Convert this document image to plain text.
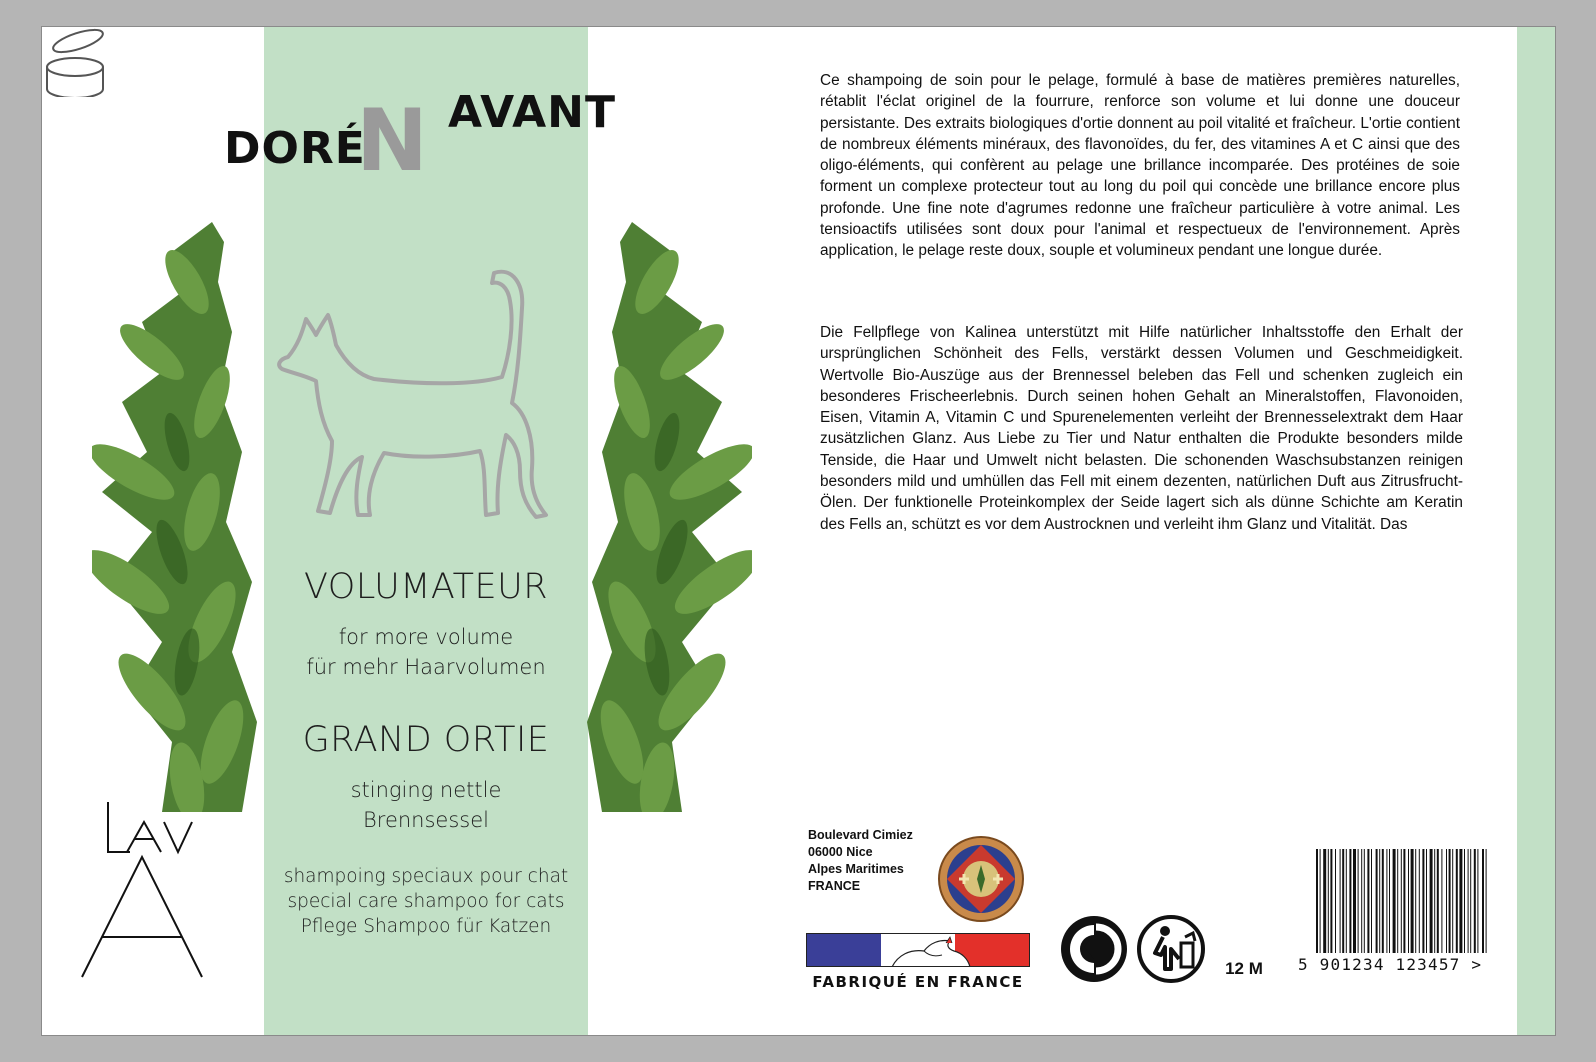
N
DORÉ
AVANT
VOLUMATEUR
for more volume
für mehr Haarvolumen
GRAND ORTIE
stinging nettle
Brennsessel
shampoing speciaux pour chat
special care shampoo for cats
Pflege Shampoo für Katzen

Ce shampoing de soin pour le pelage, formulé à base de matières premières naturelles, rétablit l'éclat originel de la fourrure, renforce son volume et lui donne une douceur persistante. Des extraits biologiques d'ortie donnent au poil vitalité et fraîcheur. L'ortie contient de nombreux éléments minéraux, des flavonoïdes, du fer, des vitamines A et C ainsi que des oligo-éléments, qui confèrent au pelage une brillance incomparée. Des protéines de soie forment un complexe protecteur tout au long du poil qui concède une brillance encore plus profonde. Une fine note d'agrumes redonne une fraîcheur particulière à votre animal. Les tensioactifs utilisées sont doux pour l'animal et respectueux de l'environnement. Après application, le pelage reste doux, souple et volumineux pendant une longue durée.

Die Fellpflege von Kalinea unterstützt mit Hilfe natürlicher Inhaltsstoffe den Erhalt der ursprünglichen Schönheit des Fells, verstärkt dessen Volumen und Geschmeidigkeit. Wertvolle Bio-Auszüge aus der Brennessel beleben das Fell und schenken zugleich ein besonderes Frischeerlebnis. Durch seinen hohen Gehalt an Mineralstoffen, Flavonoiden, Eisen, Vitamin A, Vitamin C und Spurenelementen verleiht der Brennesselextrakt dem Haar zusätzlichen Glanz. Aus Liebe zu Tier und Natur enthalten die Produkte besonders milde Tenside, die Haar und Umwelt nicht belasten. Die schonenden Waschsubstanzen reinigen besonders mild und umhüllen das Fell mit einem dezenten, natürlichen Duft aus Zitrusfrucht-Ölen. Der funktionelle Proteinkomplex der Seide lagert sich als dünne Schichte am Keratin des Fells an, schützt es vor dem Austrocknen und verleiht ihm Glanz und Vitalität. Das

Boulevard Cimiez
06000 Nice
Alpes Maritimes
FRANCE
FABRIQUÉ EN FRANCE
12 M	5 901234 123457 >
